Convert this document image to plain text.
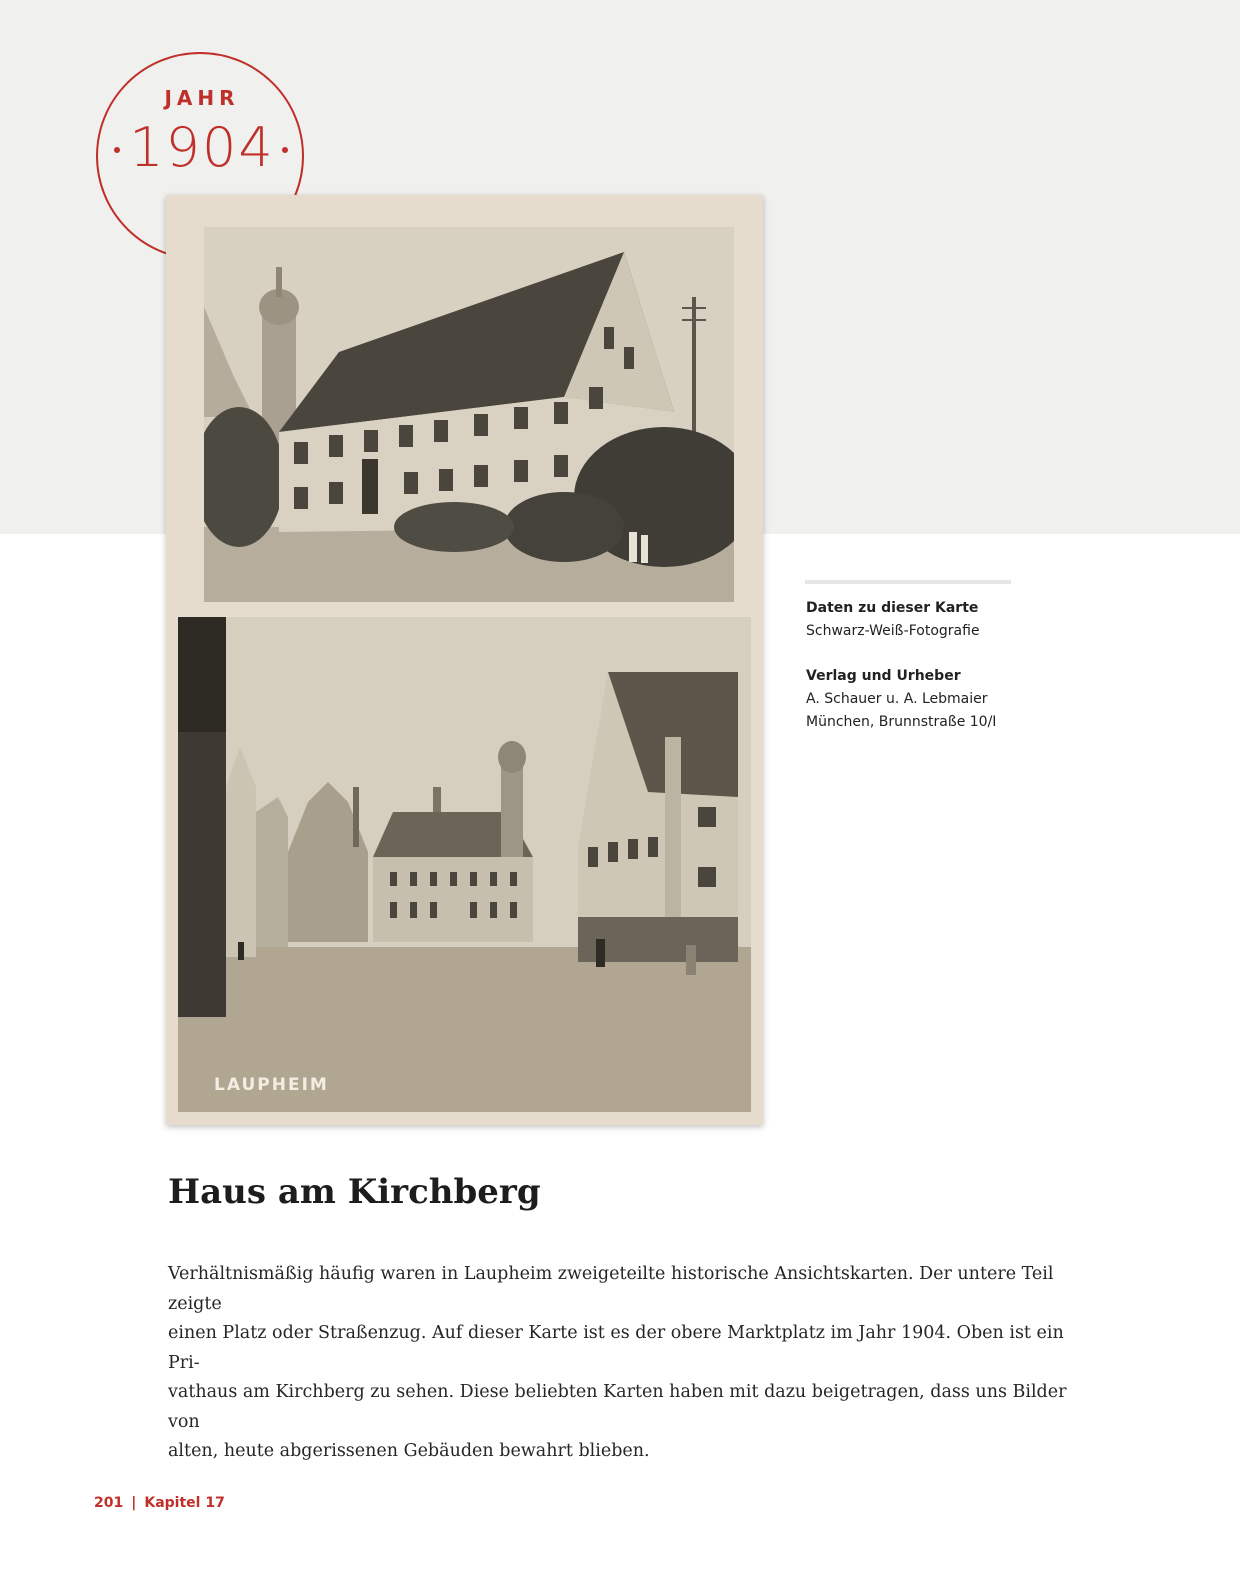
JAHR
1904
LAUPHEIM
Daten zu dieser Karte
Schwarz-Weiß-Fotografie
Verlag und Urheber
A. Schauer u. A. Lebmaier
München, Brunnstraße 10/I
Haus am Kirchberg

Verhältnismäßig häufig waren in Laupheim zweigeteilte historische Ansichtskarten. Der untere Teil zeigte
einen Platz oder Straßenzug. Auf dieser Karte ist es der obere Marktplatz im Jahr 1904. Oben ist ein Pri-
vathaus am Kirchberg zu sehen. Diese beliebten Karten haben mit dazu beigetragen, dass uns Bilder von
alten, heute abgerissenen Gebäuden bewahrt blieben.

201 | Kapitel 17
